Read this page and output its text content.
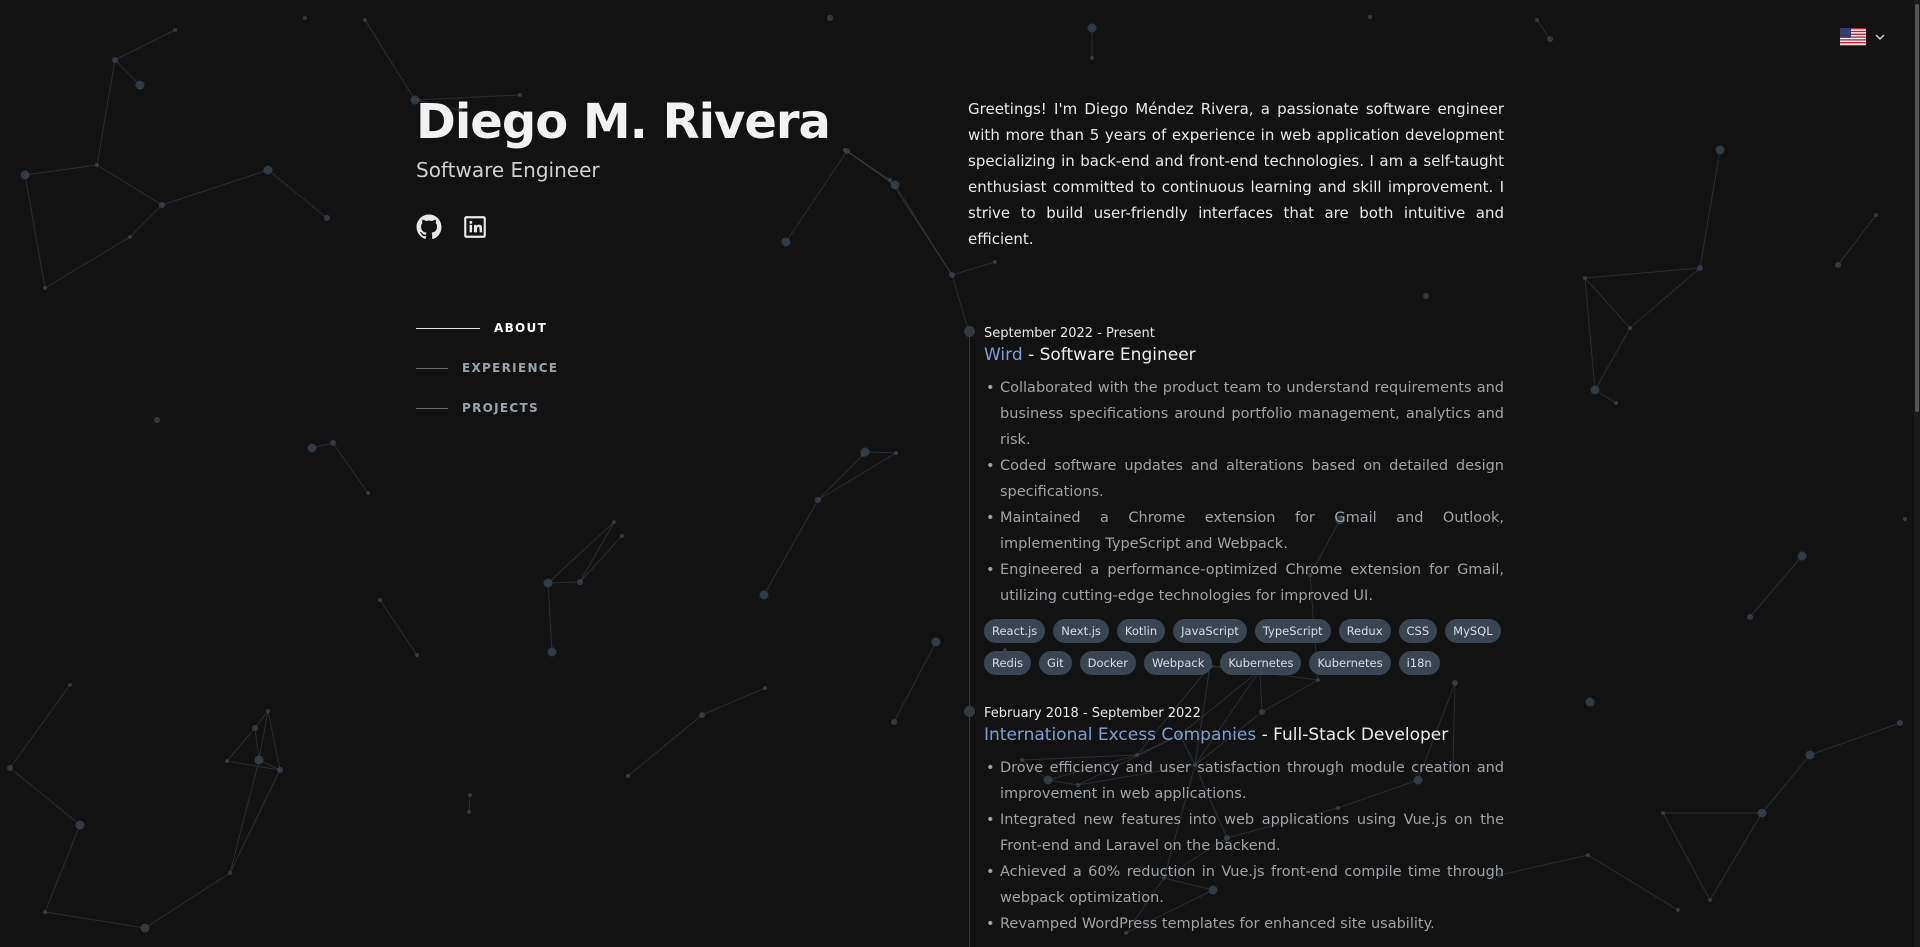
Diego M. Rivera
Software Engineer
ABOUT
EXPERIENCE
PROJECTS

Greetings! I'm Diego Méndez Rivera, a passionate software engineer with more than 5 years of experience in web application development specializing in back-end and front-end technologies. I am a self-taught enthusiast committed to continuous learning and skill improvement. I strive to build user-friendly interfaces that are both intuitive and efficient.

September 2022 - Present

Wird - Software Engineer
• Collaborated with the product team to understand requirements and business specifications around portfolio management, analytics and risk.
• Coded software updates and alterations based on detailed design specifications.
• Maintained a Chrome extension for Gmail and Outlook, implementing TypeScript and Webpack.
• Engineered a performance-optimized Chrome extension for Gmail, utilizing cutting-edge technologies for improved UI.
React.js	Next.js	Kotlin	JavaScript	TypeScript	Redux	CSS	MySQL
Redis	Git	Docker	Webpack	Kubernetes	Kubernetes	i18n

February 2018 - September 2022

International Excess Companies - Full-Stack Developer
• Drove efficiency and user satisfaction through module creation and improvement in web applications.
• Integrated new features into web applications using Vue.js on the Front-end and Laravel on the backend.
• Achieved a 60% reduction in Vue.js front-end compile time through webpack optimization.
• Revamped WordPress templates for enhanced site usability.
